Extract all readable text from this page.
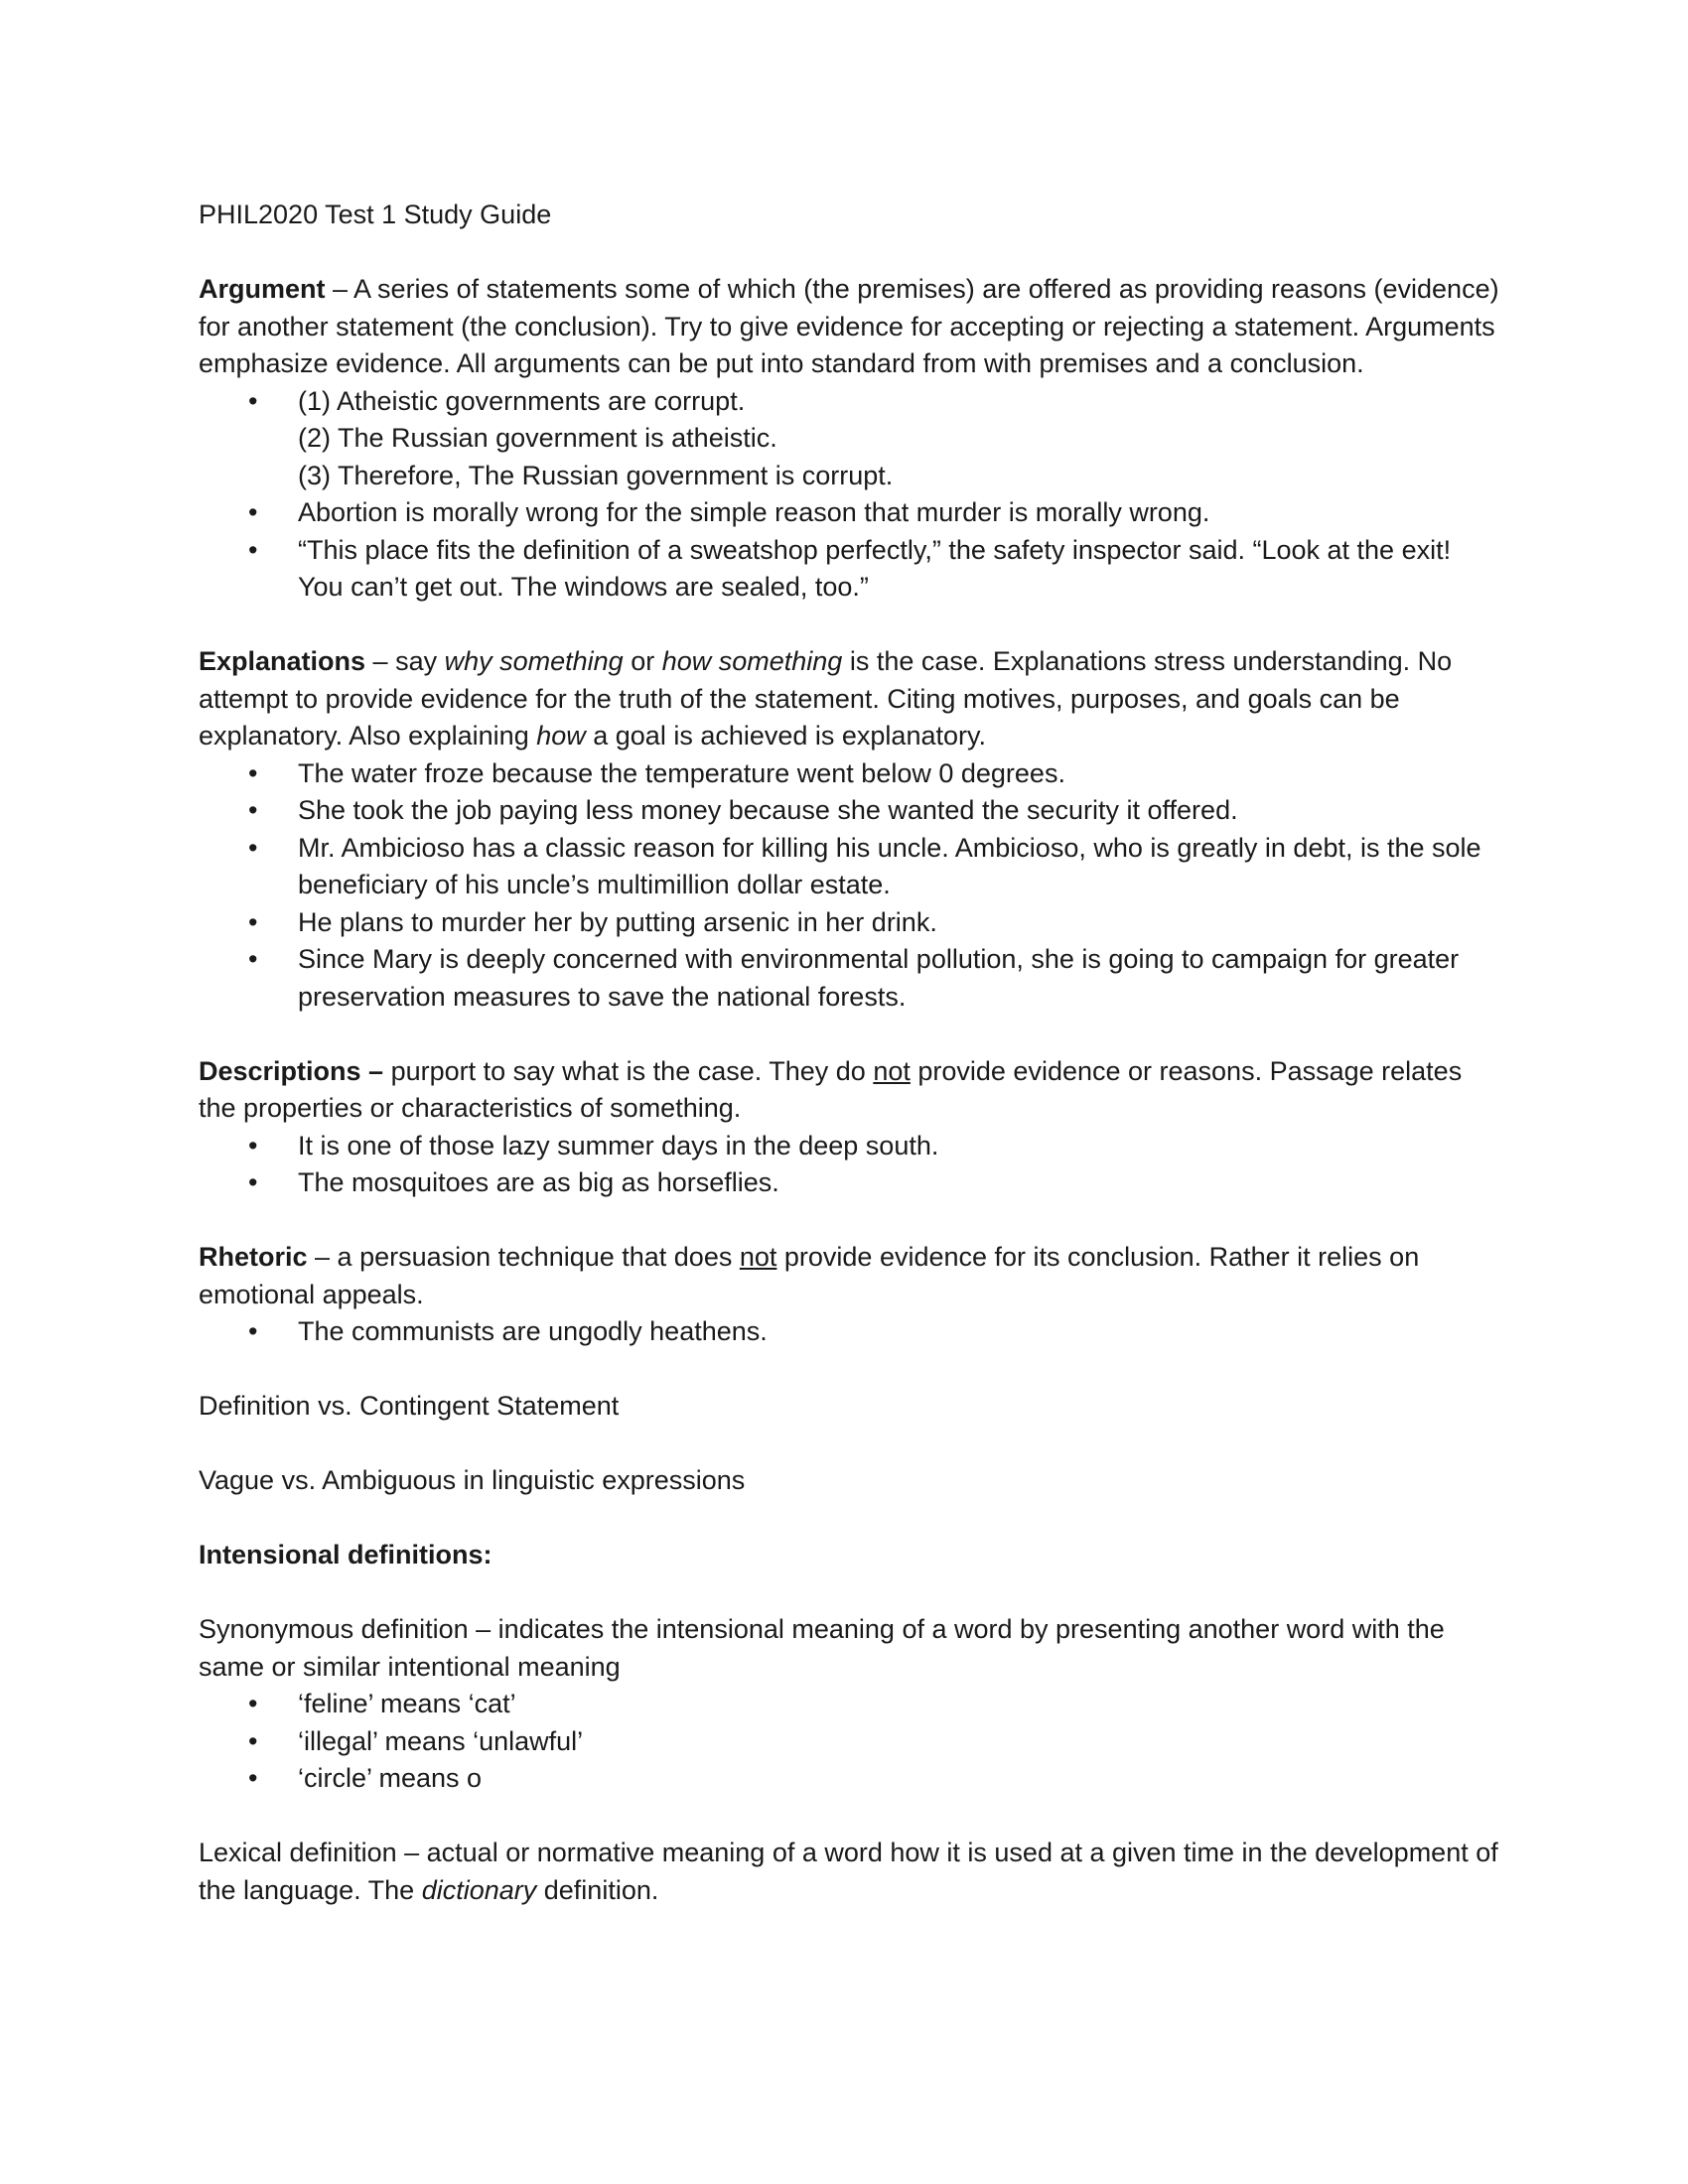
PHIL2020 Test 1 Study Guide

Argument – A series of statements some of which (the premises) are offered as providing reasons (evidence) for another statement (the conclusion). Try to give evidence for accepting or rejecting a statement. Arguments emphasize evidence. All arguments can be put into standard from with premises and a conclusion.

• (1) Atheistic governments are corrupt.
(2) The Russian government is atheistic.
(3) Therefore, The Russian government is corrupt.
• Abortion is morally wrong for the simple reason that murder is morally wrong.
• “This place fits the definition of a sweatshop perfectly,” the safety inspector said. “Look at the exit! You can’t get out. The windows are sealed, too.”

Explanations – say why something or how something is the case. Explanations stress understanding. No attempt to provide evidence for the truth of the statement. Citing motives, purposes, and goals can be explanatory. Also explaining how a goal is achieved is explanatory.

• The water froze because the temperature went below 0 degrees.
• She took the job paying less money because she wanted the security it offered.
• Mr. Ambicioso has a classic reason for killing his uncle. Ambicioso, who is greatly in debt, is the sole beneficiary of his uncle’s multimillion dollar estate.
• He plans to murder her by putting arsenic in her drink.
• Since Mary is deeply concerned with environmental pollution, she is going to campaign for greater preservation measures to save the national forests.

Descriptions – purport to say what is the case. They do not provide evidence or reasons. Passage relates the properties or characteristics of something.

• It is one of those lazy summer days in the deep south.
• The mosquitoes are as big as horseflies.

Rhetoric – a persuasion technique that does not provide evidence for its conclusion. Rather it relies on emotional appeals.

• The communists are ungodly heathens.

Definition vs. Contingent Statement

Vague vs. Ambiguous in linguistic expressions

Intensional definitions:

Synonymous definition – indicates the intensional meaning of a word by presenting another word with the same or similar intentional meaning

• ‘feline’ means ‘cat’
• ‘illegal’ means ‘unlawful’
• ‘circle’ means o

Lexical definition – actual or normative meaning of a word how it is used at a given time in the development of the language. The dictionary definition.
